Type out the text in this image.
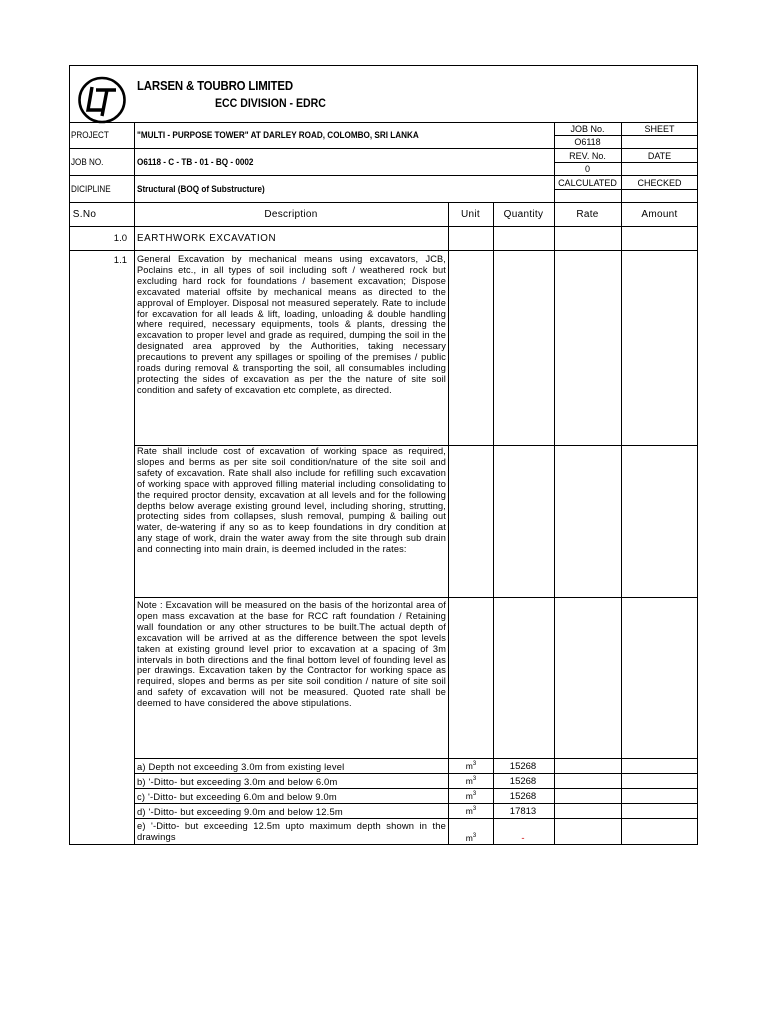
LARSEN & TOUBRO LIMITED
ECC DIVISION - EDRC
PROJECT	"MULTI - PURPOSE TOWER" AT DARLEY ROAD, COLOMBO, SRI LANKA
JOB NO.	O6118 - C - TB - 01 - BQ - 0002
DICIPLINE	Structural (BOQ of Substructure)
JOB No.	SHEET
O6118
REV. No.	DATE
0
CALCULATED	CHECKED
S.No	Description	Unit	Quantity	Rate	Amount
1.0 EARTHWORK EXCAVATION
1.1 General Excavation by mechanical means using excavators, JCB, Poclains etc., in all types of soil including soft / weathered rock but excluding hard rock for foundations / basement excavation; Dispose excavated material offsite by mechanical means as directed to the approval of Employer. Disposal not measured seperately. Rate to include for excavation for all leads & lift, loading, unloading & double handling where required, necessary equipments, tools & plants, dressing the excavation to proper level and grade as required, dumping the soil in the designated area approved by the Authorities, taking necessary precautions to prevent any spillages or spoiling of the premises / public roads during removal & transporting the soil, all consumables including protecting the sides of excavation as per the the nature of site soil condition and safety of excavation etc complete, as directed.
Rate shall include cost of excavation of working space as required, slopes and berms as per site soil condition/nature of the site soil and safety of excavation. Rate shall also include for refilling such excavation of working space with approved filling material including consolidating to the required proctor density, excavation at all levels and for the following depths below average existing ground level, including shoring, strutting, protecting sides from collapses, slush removal, pumping & bailing out water, de-watering if any so as to keep foundations in dry condition at any stage of work, drain the water away from the site through sub drain and connecting into main drain, is deemed included in the rates:
Note : Excavation will be measured on the basis of the horizontal area of open mass excavation at the base for RCC raft foundation / Retaining wall foundation or any other structures to be built.The actual depth of excavation will be arrived at as the difference between the spot levels taken at existing ground level prior to excavation at a spacing of 3m intervals in both directions and the final bottom level of founding level as per drawings. Excavation taken by the Contractor for working space as required, slopes and berms as per site soil condition / nature of site soil and safety of excavation will not be measured. Quoted rate shall be deemed to have considered the above stipulations.
a) Depth not exceeding 3.0m from existing level	$m^3$	15268
b) '-Ditto- but exceeding 3.0m and below 6.0m	$m^3$	15268
c) '-Ditto- but exceeding 6.0m and below 9.0m	$m^3$	15268
d) '-Ditto- but exceeding 9.0m and below 12.5m	$m^3$	17813
e) '-Ditto- but exceeding 12.5m upto maximum depth shown in the drawings	$m^3$	-
